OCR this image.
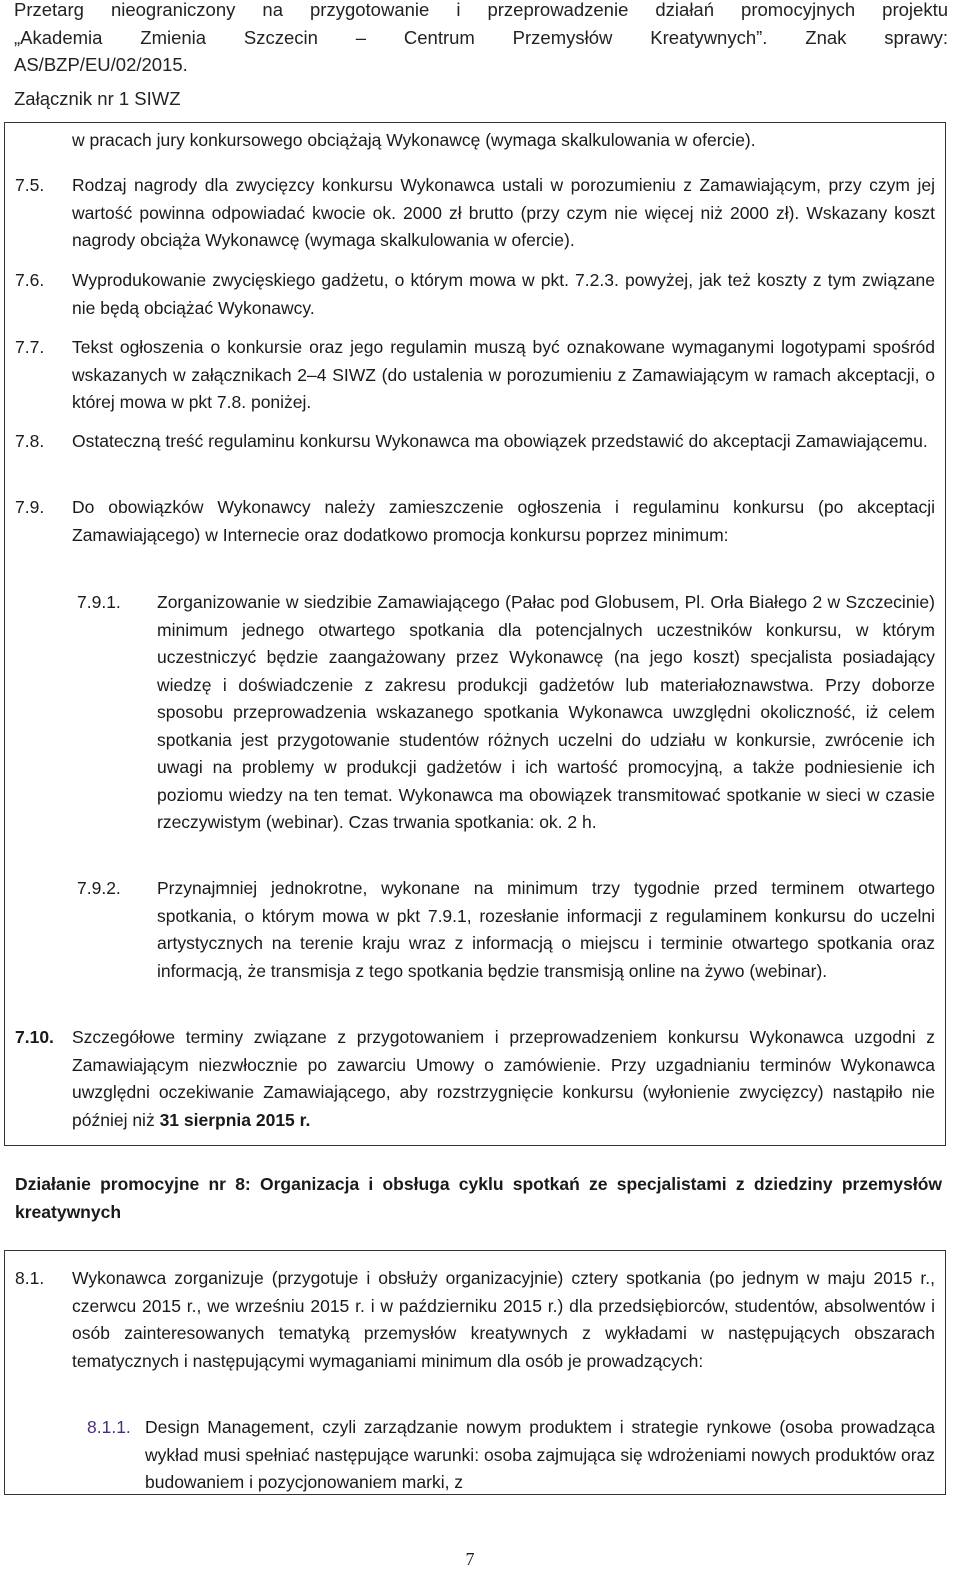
Przetarg nieograniczony na przygotowanie i przeprowadzenie działań promocyjnych projektu
„Akademia Zmienia Szczecin – Centrum Przemysłów Kreatywnych”. Znak sprawy:
AS/BZP/EU/02/2015.
Załącznik nr 1 SIWZ
w pracach jury konkursowego obciążają Wykonawcę (wymaga skalkulowania w ofercie).
7.5.	Rodzaj nagrody dla zwycięzcy konkursu Wykonawca ustali w porozumieniu z Zamawiającym, przy czym jej wartość powinna odpowiadać kwocie ok. 2000 zł brutto (przy czym nie więcej niż 2000 zł). Wskazany koszt nagrody obciąża Wykonawcę (wymaga skalkulowania w ofercie).
7.6.	Wyprodukowanie zwycięskiego gadżetu, o którym mowa w pkt. 7.2.3. powyżej, jak też koszty z tym związane nie będą obciążać Wykonawcy.
7.7.	Tekst ogłoszenia o konkursie oraz jego regulamin muszą być oznakowane wymaganymi logotypami spośród wskazanych w załącznikach 2–4 SIWZ (do ustalenia w porozumieniu z Zamawiającym w ramach akceptacji, o której mowa w pkt 7.8. poniżej.
7.8.	Ostateczną treść regulaminu konkursu Wykonawca ma obowiązek przedstawić do akceptacji Zamawiającemu.
7.9.	Do obowiązków Wykonawcy należy zamieszczenie ogłoszenia i regulaminu konkursu (po akceptacji Zamawiającego) w Internecie oraz dodatkowo promocja konkursu poprzez minimum:
7.9.1.	Zorganizowanie w siedzibie Zamawiającego (Pałac pod Globusem, Pl. Orła Białego 2 w Szczecinie) minimum jednego otwartego spotkania dla potencjalnych uczestników konkursu, w którym uczestniczyć będzie zaangażowany przez Wykonawcę (na jego koszt) specjalista posiadający wiedzę i doświadczenie z zakresu produkcji gadżetów lub materiałoznawstwa. Przy doborze sposobu przeprowadzenia wskazanego spotkania Wykonawca uwzględni okoliczność, iż celem spotkania jest przygotowanie studentów różnych uczelni do udziału w konkursie, zwrócenie ich uwagi na problemy w produkcji gadżetów i ich wartość promocyjną, a także podniesienie ich poziomu wiedzy na ten temat. Wykonawca ma obowiązek transmitować spotkanie w sieci w czasie rzeczywistym (webinar). Czas trwania spotkania: ok. 2 h.
7.9.2.	Przynajmniej jednokrotne, wykonane na minimum trzy tygodnie przed terminem otwartego spotkania, o którym mowa w pkt 7.9.1, rozesłanie informacji z regulaminem konkursu do uczelni artystycznych na terenie kraju wraz z informacją o miejscu i terminie otwartego spotkania oraz informacją, że transmisja z tego spotkania będzie transmisją online na żywo (webinar).
7.10.	Szczegółowe terminy związane z przygotowaniem i przeprowadzeniem konkursu Wykonawca uzgodni z Zamawiającym niezwłocznie po zawarciu Umowy o zamówienie. Przy uzgadnianiu terminów Wykonawca uwzględni oczekiwanie Zamawiającego, aby rozstrzygnięcie konkursu (wyłonienie zwycięzcy) nastąpiło nie później niż 31 sierpnia 2015 r.
Działanie promocyjne nr 8: Organizacja i obsługa cyklu spotkań ze specjalistami z dziedziny przemysłów kreatywnych
8.1.	Wykonawca zorganizuje (przygotuje i obsłuży organizacyjnie) cztery spotkania (po jednym w maju 2015 r., czerwcu 2015 r., we wrześniu 2015 r. i w październiku 2015 r.) dla przedsiębiorców, studentów, absolwentów i osób zainteresowanych tematyką przemysłów kreatywnych z wykładami w następujących obszarach tematycznych i następującymi wymaganiami minimum dla osób je prowadzących:
8.1.1. Design Management, czyli zarządzanie nowym produktem i strategie rynkowe (osoba prowadząca wykład musi spełniać następujące warunki: osoba zajmująca się wdrożeniami nowych produktów oraz budowaniem i pozycjonowaniem marki, z
7
